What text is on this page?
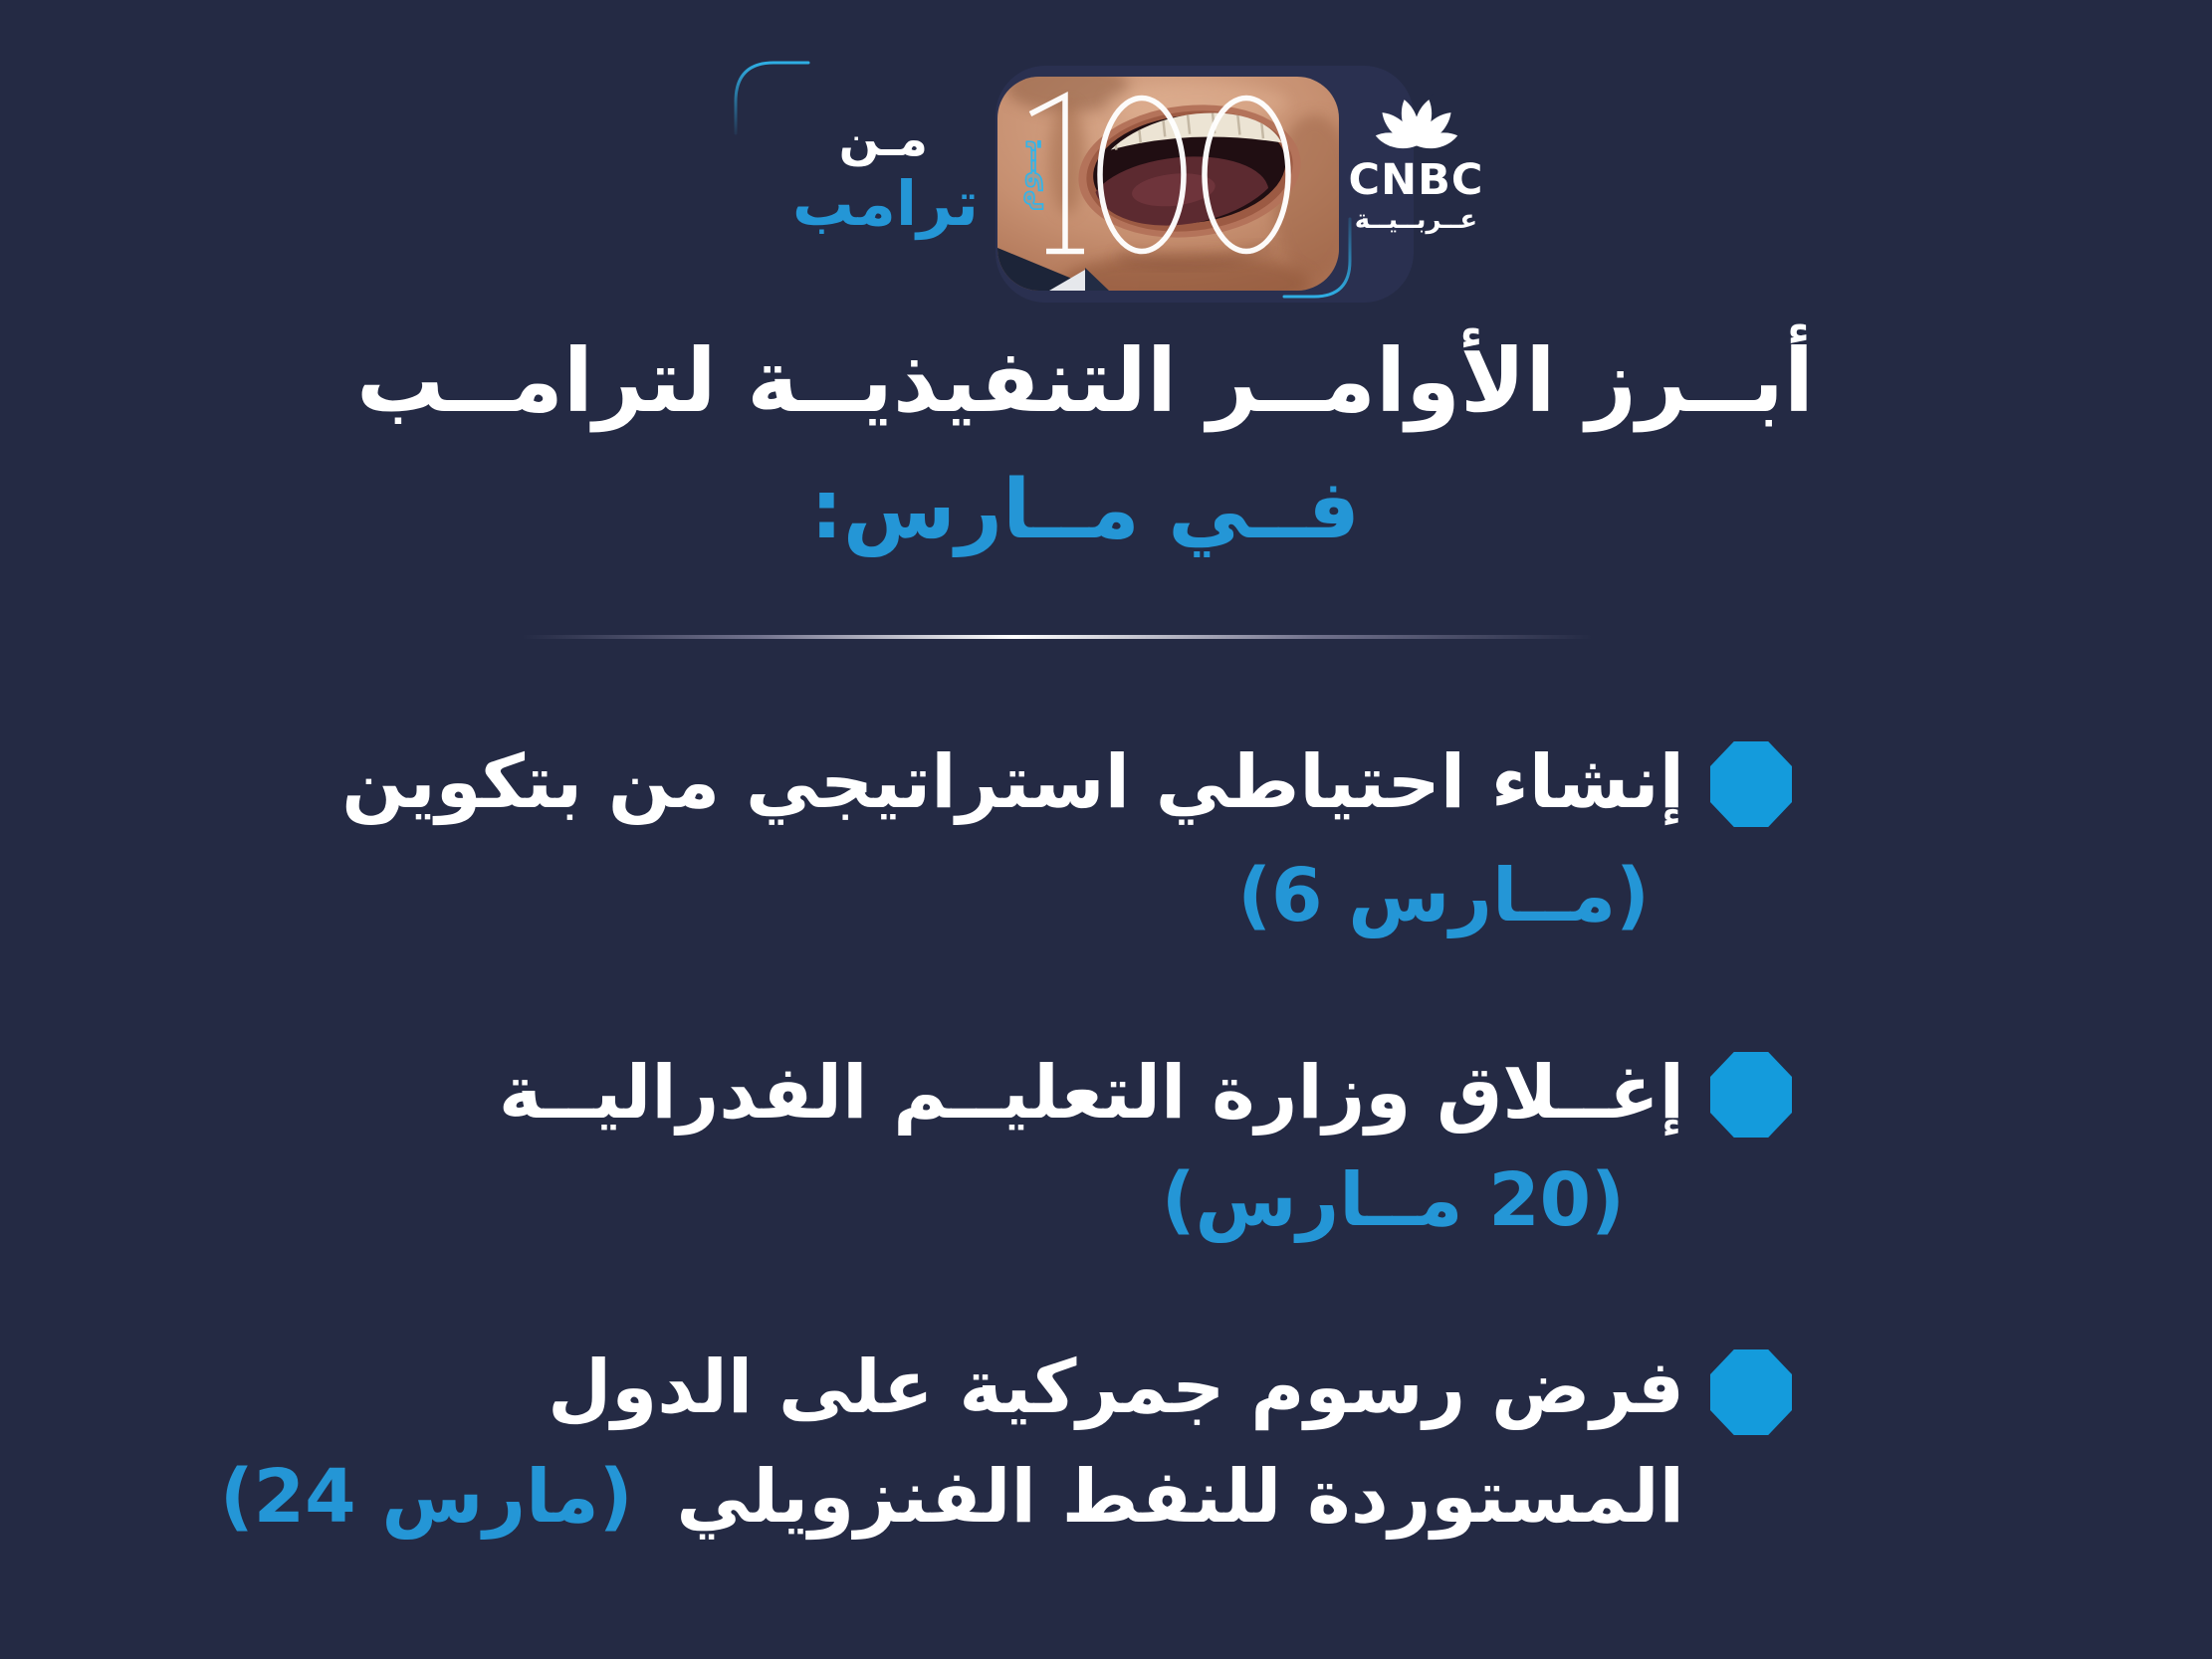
يــوم
مـن
ترامب	CNBC
عــربــيــة
أبــرز الأوامــر التنفيذيــة لترامــب
فــي مــارس:
إنشاء احتياطي استراتيجي من بتكوين
(6 مــارس)
إغــلاق وزارة التعليــم الفدراليــة
(20 مــارس)
فرض رسوم جمركية على الدول
المستوردة للنفط الفنزويلي (24 مارس)
